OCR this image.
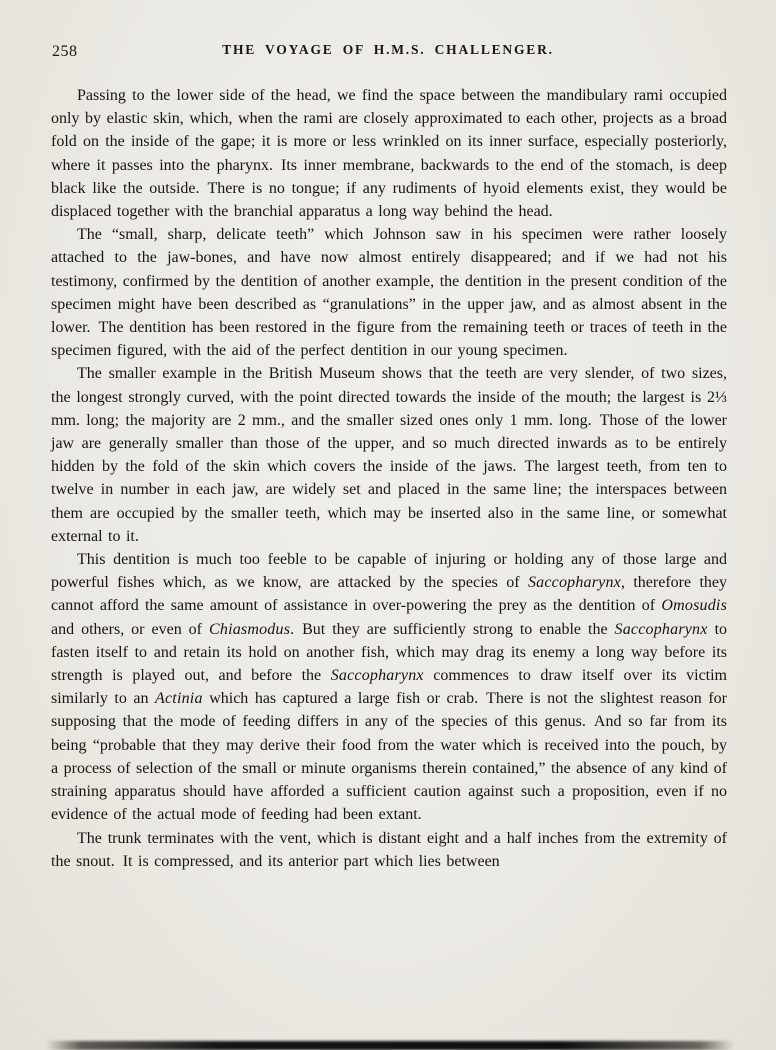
258	THE VOYAGE OF H.M.S. CHALLENGER.

Passing to the lower side of the head, we find the space between the mandibulary rami occupied only by elastic skin, which, when the rami are closely approximated to each other, projects as a broad fold on the inside of the gape; it is more or less wrinkled on its inner surface, especially posteriorly, where it passes into the pharynx. Its inner membrane, backwards to the end of the stomach, is deep black like the outside. There is no tongue; if any rudiments of hyoid elements exist, they would be displaced together with the branchial apparatus a long way behind the head.

The “small, sharp, delicate teeth” which Johnson saw in his specimen were rather loosely attached to the jaw-bones, and have now almost entirely disappeared; and if we had not his testimony, confirmed by the dentition of another example, the dentition in the present condition of the specimen might have been described as “granulations” in the upper jaw, and as almost absent in the lower. The dentition has been restored in the figure from the remaining teeth or traces of teeth in the specimen figured, with the aid of the perfect dentition in our young specimen.

The smaller example in the British Museum shows that the teeth are very slender, of two sizes, the longest strongly curved, with the point directed towards the inside of the mouth; the largest is 2⅓ mm. long; the majority are 2 mm., and the smaller sized ones only 1 mm. long. Those of the lower jaw are generally smaller than those of the upper, and so much directed inwards as to be entirely hidden by the fold of the skin which covers the inside of the jaws. The largest teeth, from ten to twelve in number in each jaw, are widely set and placed in the same line; the interspaces between them are occupied by the smaller teeth, which may be inserted also in the same line, or somewhat external to it.

This dentition is much too feeble to be capable of injuring or holding any of those large and powerful fishes which, as we know, are attacked by the species of Saccopharynx, therefore they cannot afford the same amount of assistance in over-powering the prey as the dentition of Omosudis and others, or even of Chiasmodus. But they are sufficiently strong to enable the Saccopharynx to fasten itself to and retain its hold on another fish, which may drag its enemy a long way before its strength is played out, and before the Saccopharynx commences to draw itself over its victim similarly to an Actinia which has captured a large fish or crab. There is not the slightest reason for supposing that the mode of feeding differs in any of the species of this genus. And so far from its being “probable that they may derive their food from the water which is received into the pouch, by a process of selection of the small or minute organisms therein contained,” the absence of any kind of straining apparatus should have afforded a sufficient caution against such a proposition, even if no evidence of the actual mode of feeding had been extant.

The trunk terminates with the vent, which is distant eight and a half inches from the extremity of the snout. It is compressed, and its anterior part which lies between
